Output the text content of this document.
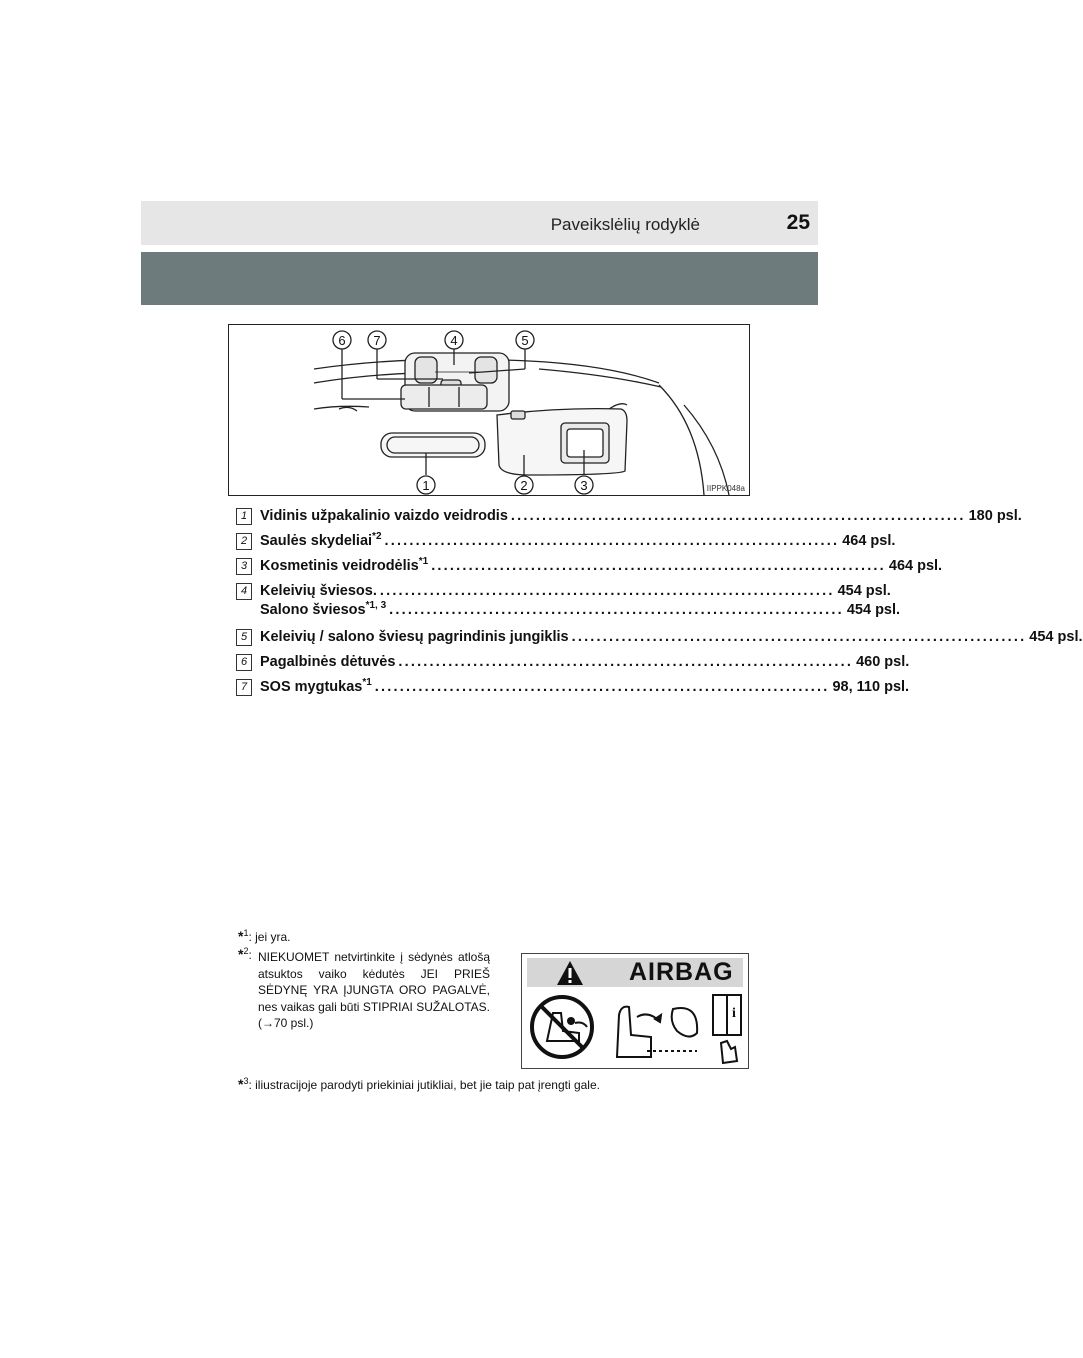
Paveikslėlių rodyklė	25
6 7	4	5
1	2	3	IIPPK048a
1 Vidinis užpakalinio vaizdo veidrodis ......................................................................... 180 psl.
2 Saulės skydeliai$^{*2}$ ......................................................................... 464 psl.
3 Kosmetinis veidrodėlis$^{*1}$ ......................................................................... 464 psl.
4 Keleivių šviesos. ......................................................................... 454 psl.
Salono šviesos$^{*1, 3}$ ......................................................................... 454 psl.
5 Keleivių / salono šviesų pagrindinis jungiklis ......................................................................... 454 psl.
6 Pagalbinės dėtuvės ......................................................................... 460 psl.
7 SOS mygtukas$^{*1}$ ......................................................................... 98, 110 psl.
*$^1$: jei yra.
*$^2$: NIEKUOMET netvirtinkite į sėdynės atlošą atsuktos vaiko kėdutės JEI PRIEŠ SĖDYNĘ YRA ĮJUNGTA ORO PAGALVĖ, nes vaikas gali būti STIPRIAI SUŽALOTAS. (→70 psl.)
*$^3$: iliustracijoje parodyti priekiniai jutikliai, bet jie taip pat įrengti gale.
AIRBAG
i
